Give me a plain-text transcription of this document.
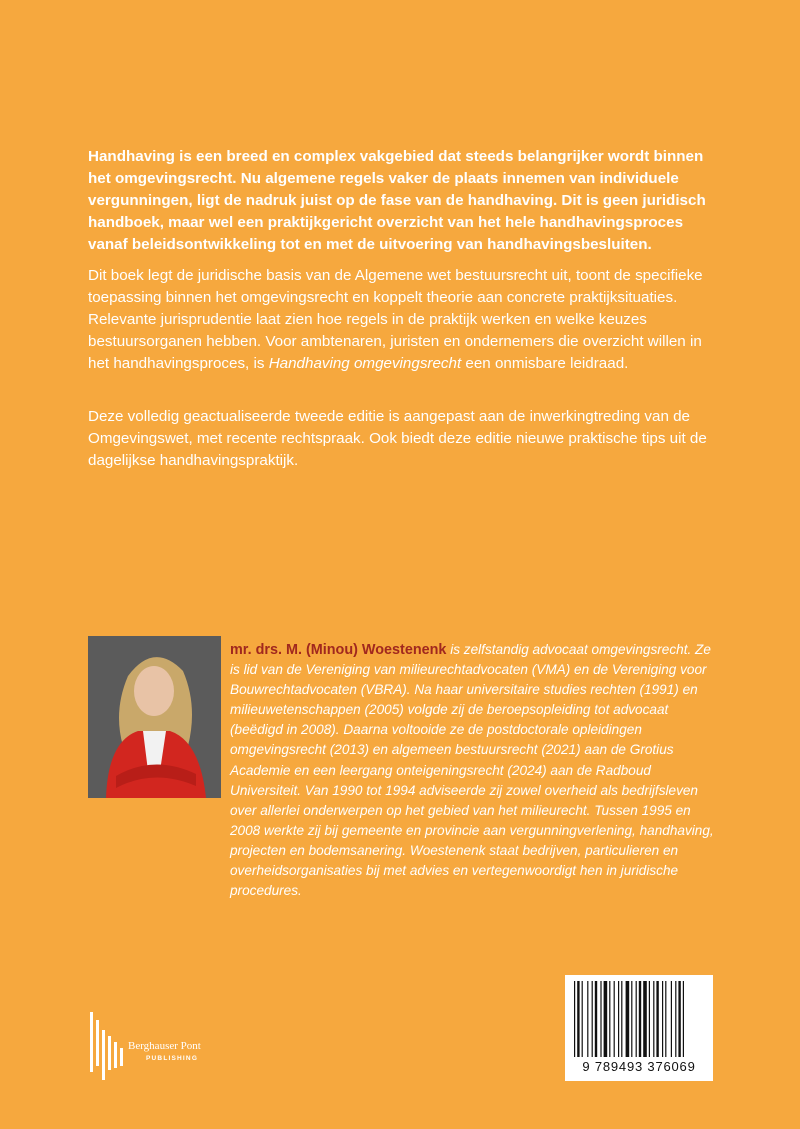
Handhaving is een breed en complex vakgebied dat steeds belangrijker wordt binnen het omgevingsrecht. Nu algemene regels vaker de plaats innemen van individuele vergunningen, ligt de nadruk juist op de fase van de handhaving. Dit is geen juridisch handboek, maar wel een praktijkgericht overzicht van het hele handhavingsproces vanaf beleidsontwikkeling tot en met de uitvoering van handhavingsbesluiten.

Dit boek legt de juridische basis van de Algemene wet bestuursrecht uit, toont de specifieke toepassing binnen het omgevingsrecht en koppelt theorie aan concrete praktijksituaties. Relevante jurisprudentie laat zien hoe regels in de praktijk werken en welke keuzes bestuursorganen hebben. Voor ambtenaren, juristen en ondernemers die overzicht willen in het handhavingsproces, is Handhaving omgevingsrecht een onmisbare leidraad.

Deze volledig geactualiseerde tweede editie is aangepast aan de inwerkingtreding van de Omgevingswet, met recente rechtspraak. Ook biedt deze editie nieuwe praktische tips uit de dagelijkse handhavingspraktijk.

mr. drs. M. (Minou) Woestenenk is zelfstandig advocaat omgevingsrecht. Ze is lid van de Vereniging van milieurechtadvocaten (VMA) en de Vereniging voor Bouwrechtadvocaten (VBRA). Na haar universitaire studies rechten (1991) en milieuwetenschappen (2005) volgde zij de beroepsopleiding tot advocaat (beëdigd in 2008). Daarna voltooide ze de postdoctorale opleidingen omgevingsrecht (2013) en algemeen bestuursrecht (2021) aan de Grotius Academie en een leergang onteigeningsrecht (2024) aan de Radboud Universiteit. Van 1990 tot 1994 adviseerde zij zowel overheid als bedrijfsleven over allerlei onderwerpen op het gebied van het milieurecht. Tussen 1995 en 2008 werkte zij bij gemeente en provincie aan vergunningverlening, handhaving, projecten en bodemsanering. Woestenenk staat bedrijven, particulieren en overheidsorganisaties bij met advies en vertegenwoordigt hen in juridische procedures.

Berghauser Pont
PUBLISHING
9 789493 376069
